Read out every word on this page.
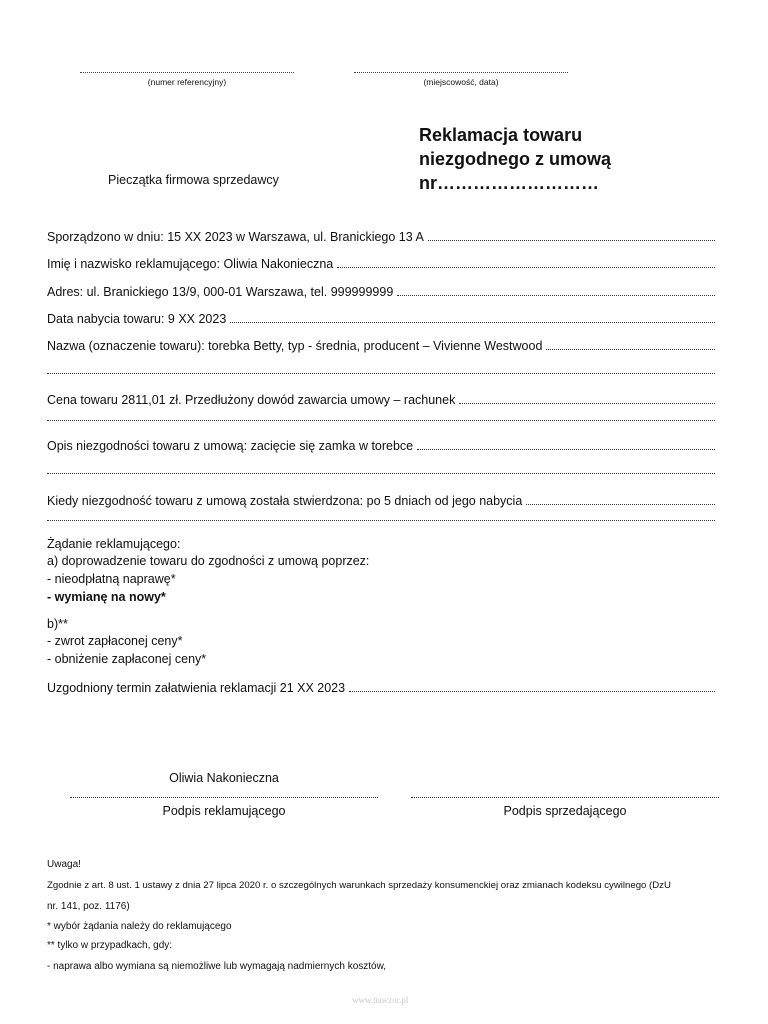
(numer referencyjny)	(miejscowość, data)
Pieczątka firmowa sprzedawcy
Reklamacja towaru
niezgodnego z umową
nr………………………
Sporządzono w dniu: 15 XX 2023 w Warszawa, ul. Branickiego 13 A
Imię i nazwisko reklamującego: Oliwia Nakonieczna
Adres: ul. Branickiego 13/9, 000-01 Warszawa, tel. 999999999
Data nabycia towaru: 9 XX 2023
Nazwa (oznaczenie towaru): torebka Betty, typ - średnia, producent – Vivienne Westwood
Cena towaru 2811,01 zł. Przedłużony dowód zawarcia umowy – rachunek
Opis niezgodności towaru z umową: zacięcie się zamka w torebce
Kiedy niezgodność towaru z umową została stwierdzona: po 5 dniach od jego nabycia
Żądanie reklamującego:
a) doprowadzenie towaru do zgodności z umową poprzez:
- nieodpłatną naprawę*
- wymianę na nowy*
b)**
- zwrot zapłaconej ceny*
- obniżenie zapłaconej ceny*
Uzgodniony termin załatwienia reklamacji 21 XX 2023
Oliwia Nakonieczna
Podpis reklamującego	Podpis sprzedającego
Uwaga!
Zgodnie z art. 8 ust. 1 ustawy z dnia 27 lipca 2020 r. o szczególnych warunkach sprzedaży konsumenckiej oraz zmianach kodeksu cywilnego (DzU
nr. 141, poz. 1176)
* wybór żądania należy do reklamującego
** tylko w przypadkach, gdy:
- naprawa albo wymiana są niemożliwe lub wymagają nadmiernych kosztów,
www.nawzor.pl
